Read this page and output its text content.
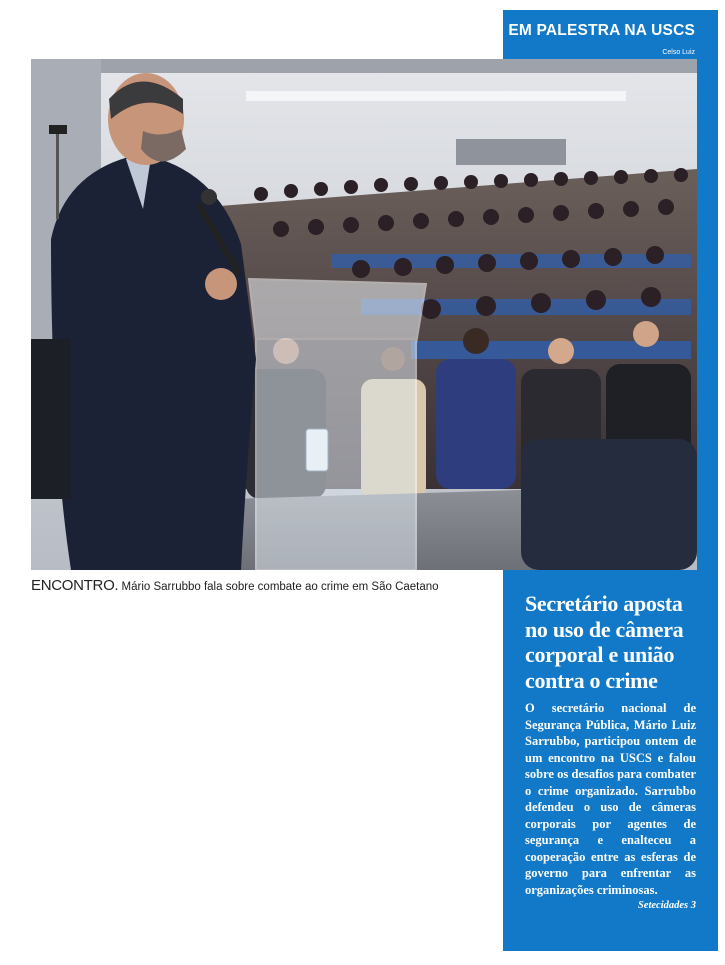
EM PALESTRA NA USCS
Celso Luiz
ENCONTRO. Mário Sarrubbo fala sobre combate ao crime em São Caetano
Secretário aposta no uso de câmera corporal e união contra o crime

O secretário nacional de Segurança Pública, Mário Luiz Sarrubbo, participou ontem de um encontro na USCS e falou sobre os desafios para combater o crime organizado. Sarrubbo defendeu o uso de câmeras corporais por agentes de segurança e enalteceu a cooperação entre as esferas de governo para enfrentar as organizações criminosas.
Setecidades 3
